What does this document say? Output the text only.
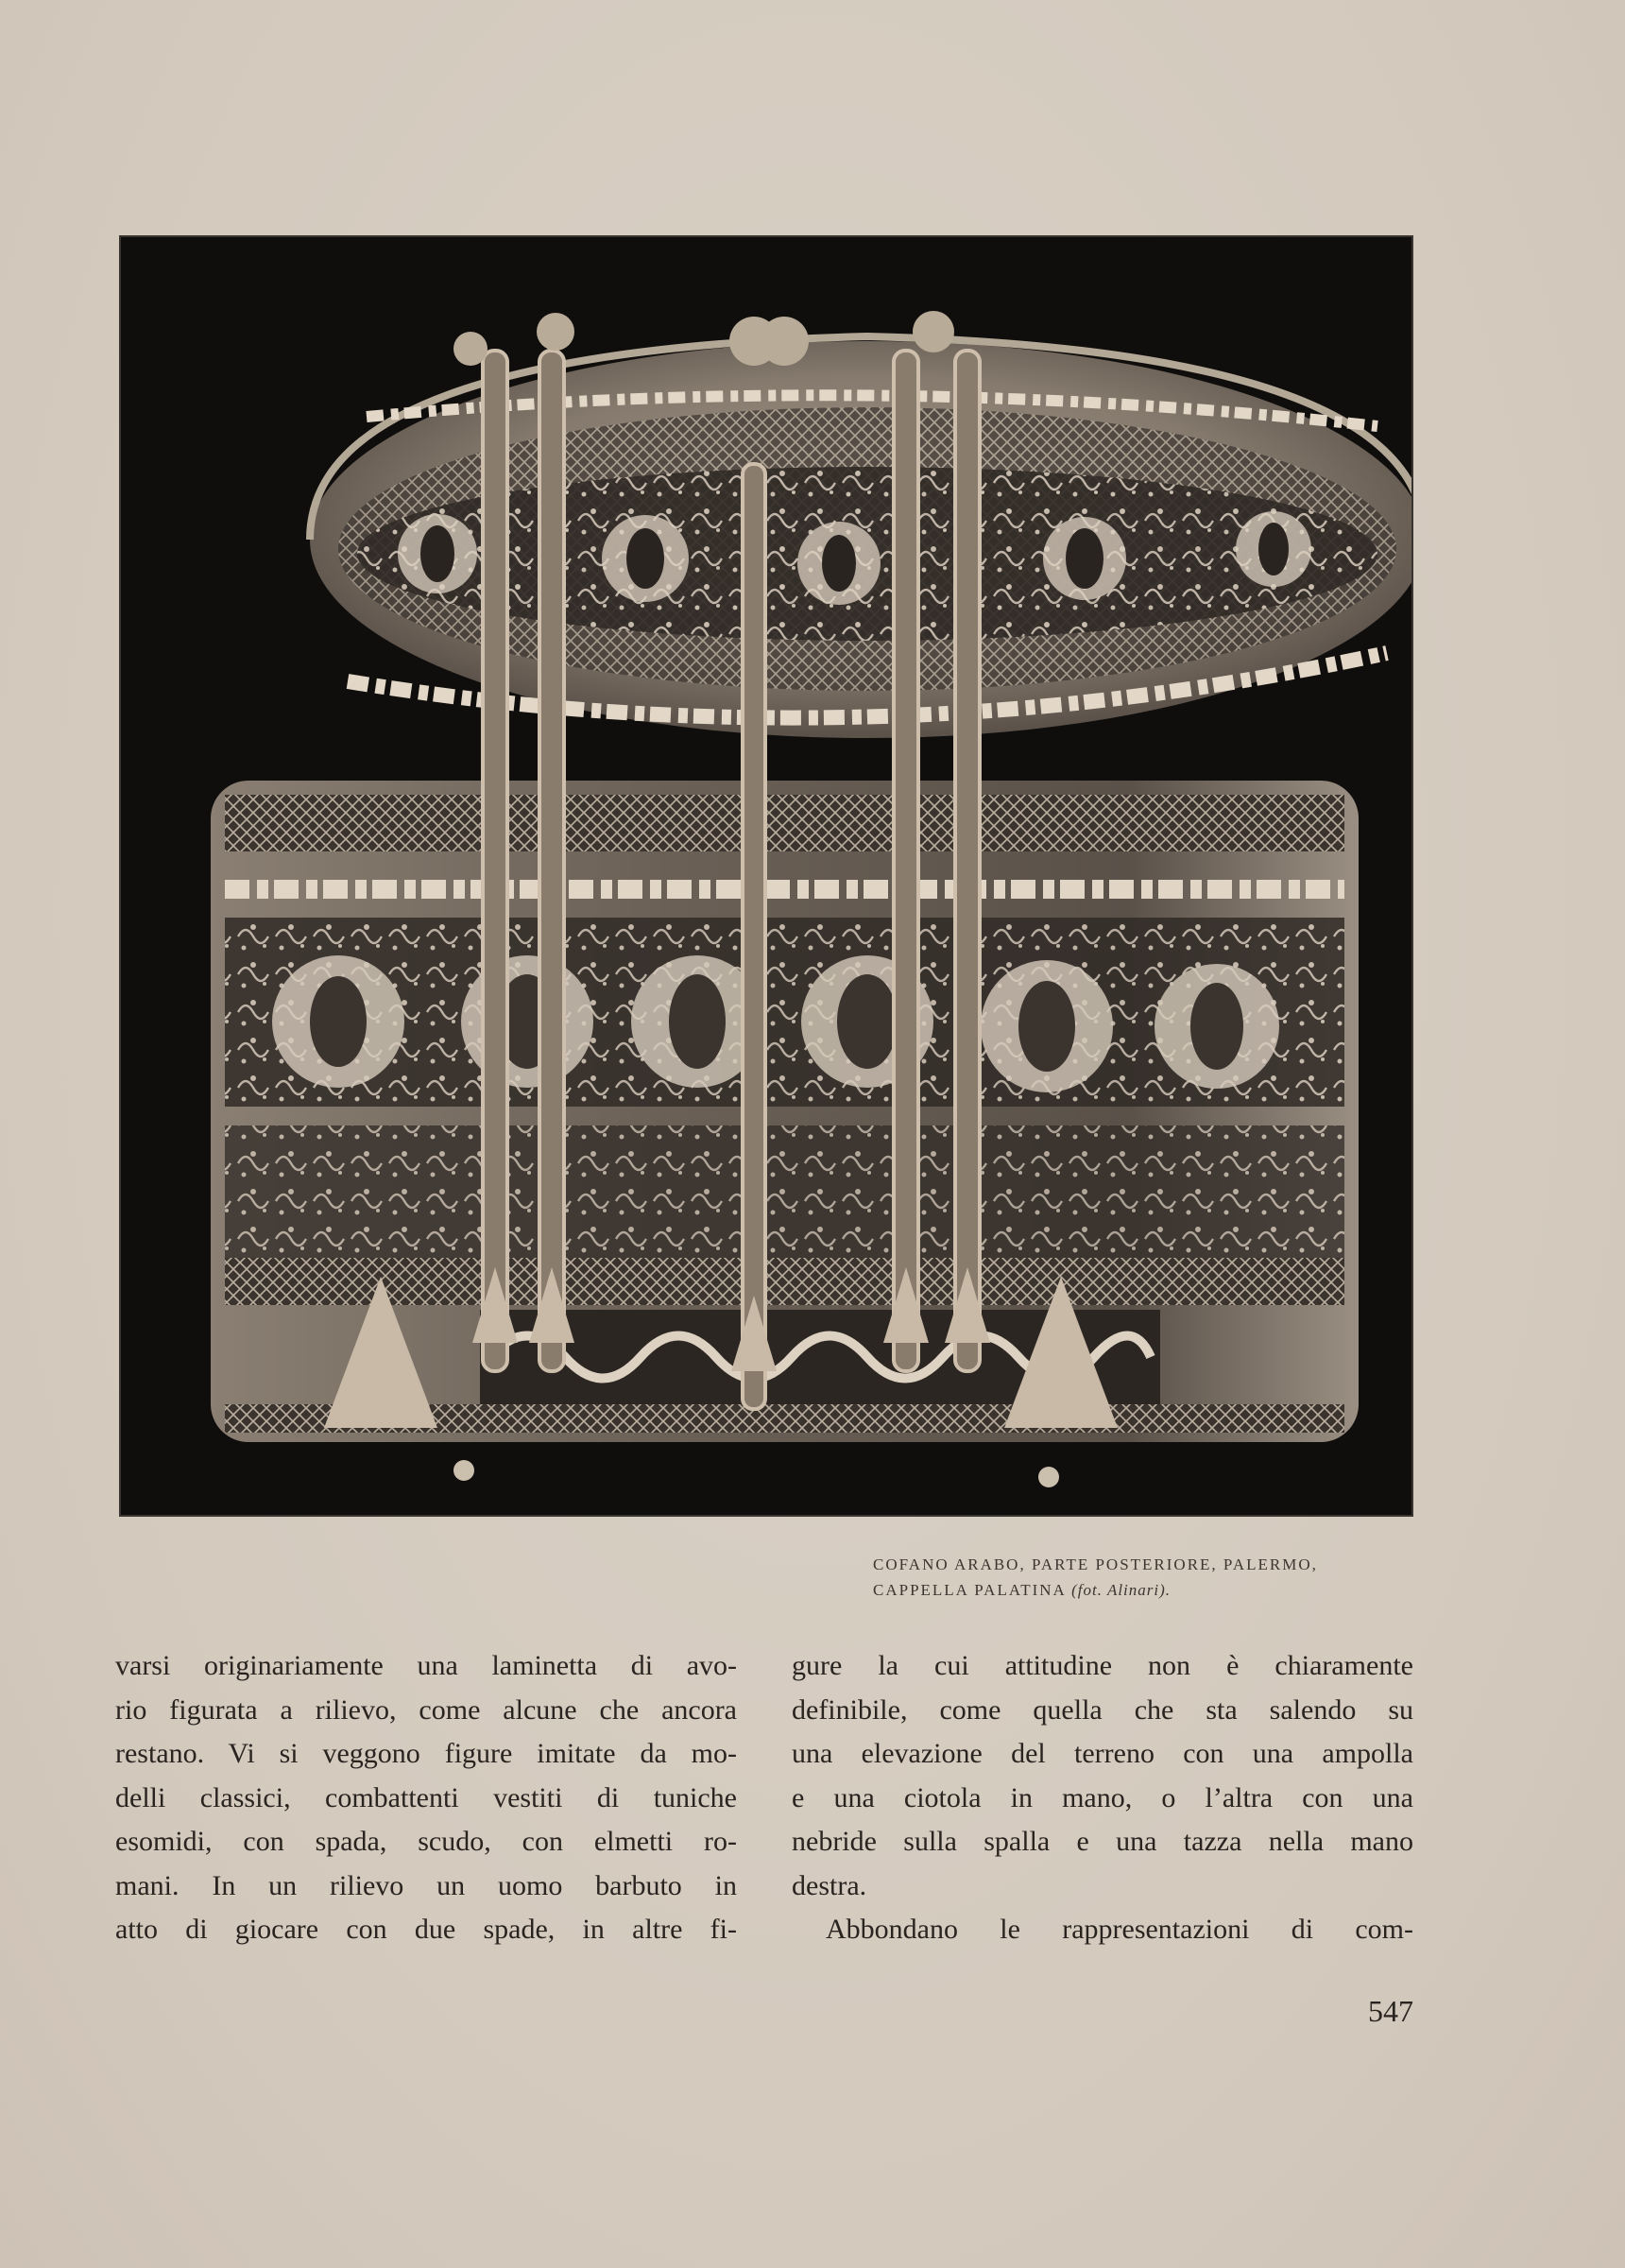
COFANO ARABO, PARTE POSTERIORE, PALERMO,
CAPPELLA PALATINA (fot. Alinari).
varsi originariamente una laminetta di avo-
rio figurata a rilievo, come alcune che ancora
restano. Vi si veggono figure imitate da mo-
delli classici, combattenti vestiti di tuniche
esomidi, con spada, scudo, con elmetti ro-
mani. In un rilievo un uomo barbuto in
atto di giocare con due spade, in altre fi-
gure la cui attitudine non è chiaramente
definibile, come quella che sta salendo su
una elevazione del terreno con una ampolla
e una ciotola in mano, o l’altra con una
nebride sulla spalla e una tazza nella mano
destra.
Abbondano le rappresentazioni di com-
547
